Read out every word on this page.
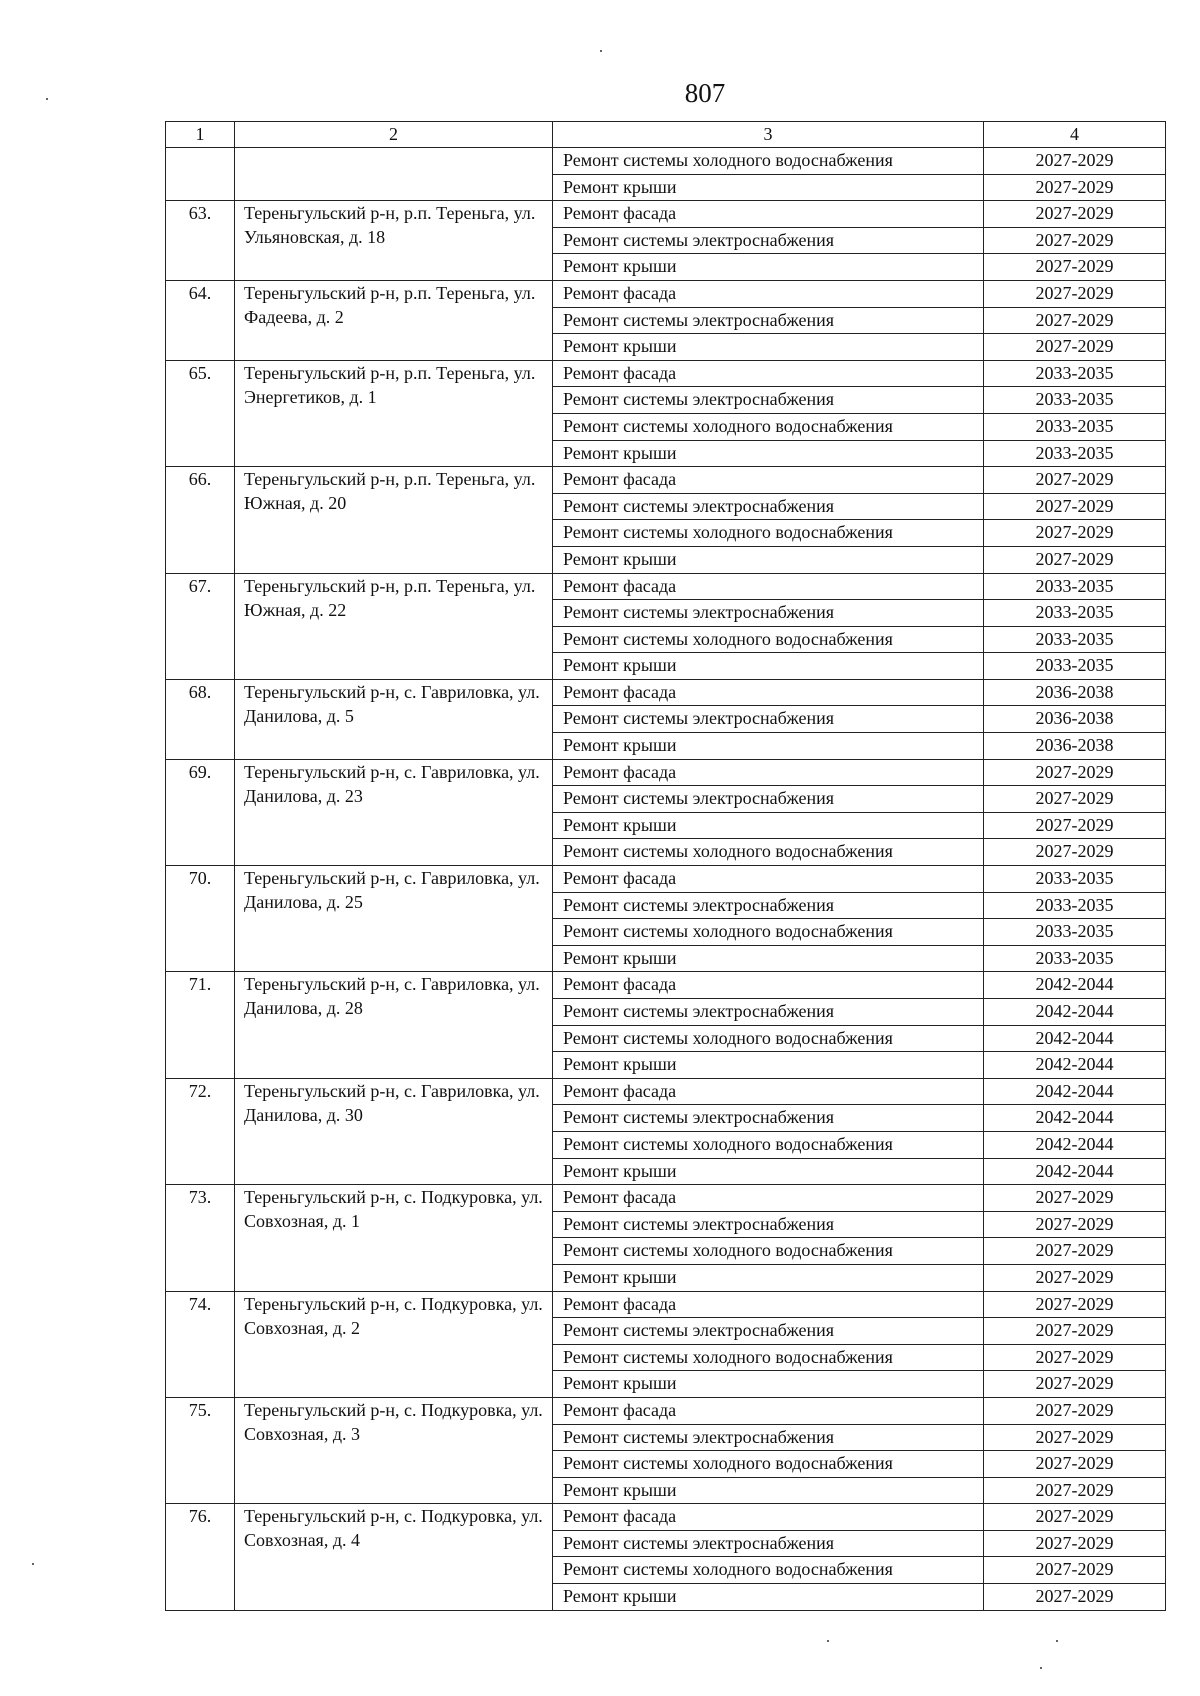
807
1	2	3	4
		Ремонт системы холодного водоснабжения	2027-2029
		Ремонт крыши	2027-2029
63.	Тереньгульский р-н, р.п. Тереньга, ул. Ульяновская, д. 18	Ремонт фасада	2027-2029
		Ремонт системы электроснабжения	2027-2029
		Ремонт крыши	2027-2029
64.	Тереньгульский р-н, р.п. Тереньга, ул. Фадеева, д. 2	Ремонт фасада	2027-2029
		Ремонт системы электроснабжения	2027-2029
		Ремонт крыши	2027-2029
65.	Тереньгульский р-н, р.п. Тереньга, ул. Энергетиков, д. 1	Ремонт фасада	2033-2035
		Ремонт системы электроснабжения	2033-2035
		Ремонт системы холодного водоснабжения	2033-2035
		Ремонт крыши	2033-2035
66.	Тереньгульский р-н, р.п. Тереньга, ул. Южная, д. 20	Ремонт фасада	2027-2029
		Ремонт системы электроснабжения	2027-2029
		Ремонт системы холодного водоснабжения	2027-2029
		Ремонт крыши	2027-2029
67.	Тереньгульский р-н, р.п. Тереньга, ул. Южная, д. 22	Ремонт фасада	2033-2035
		Ремонт системы электроснабжения	2033-2035
		Ремонт системы холодного водоснабжения	2033-2035
		Ремонт крыши	2033-2035
68.	Тереньгульский р-н, с. Гавриловка, ул. Данилова, д. 5	Ремонт фасада	2036-2038
		Ремонт системы электроснабжения	2036-2038
		Ремонт крыши	2036-2038
69.	Тереньгульский р-н, с. Гавриловка, ул. Данилова, д. 23	Ремонт фасада	2027-2029
		Ремонт системы электроснабжения	2027-2029
		Ремонт крыши	2027-2029
		Ремонт системы холодного водоснабжения	2027-2029
70.	Тереньгульский р-н, с. Гавриловка, ул. Данилова, д. 25	Ремонт фасада	2033-2035
		Ремонт системы электроснабжения	2033-2035
		Ремонт системы холодного водоснабжения	2033-2035
		Ремонт крыши	2033-2035
71.	Тереньгульский р-н, с. Гавриловка, ул. Данилова, д. 28	Ремонт фасада	2042-2044
		Ремонт системы электроснабжения	2042-2044
		Ремонт системы холодного водоснабжения	2042-2044
		Ремонт крыши	2042-2044
72.	Тереньгульский р-н, с. Гавриловка, ул. Данилова, д. 30	Ремонт фасада	2042-2044
		Ремонт системы электроснабжения	2042-2044
		Ремонт системы холодного водоснабжения	2042-2044
		Ремонт крыши	2042-2044
73.	Тереньгульский р-н, с. Подкуровка, ул. Совхозная, д. 1	Ремонт фасада	2027-2029
		Ремонт системы электроснабжения	2027-2029
		Ремонт системы холодного водоснабжения	2027-2029
		Ремонт крыши	2027-2029
74.	Тереньгульский р-н, с. Подкуровка, ул. Совхозная, д. 2	Ремонт фасада	2027-2029
		Ремонт системы электроснабжения	2027-2029
		Ремонт системы холодного водоснабжения	2027-2029
		Ремонт крыши	2027-2029
75.	Тереньгульский р-н, с. Подкуровка, ул. Совхозная, д. 3	Ремонт фасада	2027-2029
		Ремонт системы электроснабжения	2027-2029
		Ремонт системы холодного водоснабжения	2027-2029
		Ремонт крыши	2027-2029
76.	Тереньгульский р-н, с. Подкуровка, ул. Совхозная, д. 4	Ремонт фасада	2027-2029
		Ремонт системы электроснабжения	2027-2029
		Ремонт системы холодного водоснабжения	2027-2029
		Ремонт крыши	2027-2029
